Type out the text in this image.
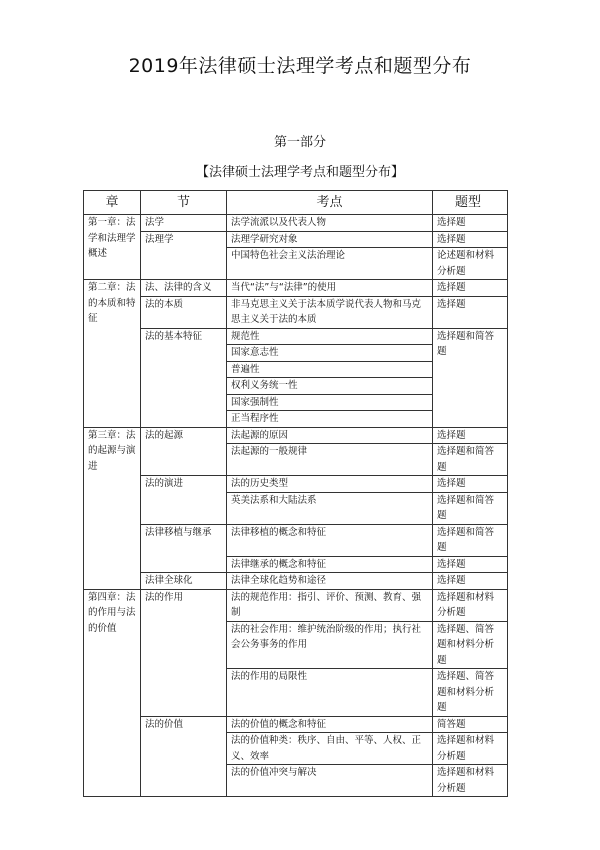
2019年法律硕士法理学考点和题型分布
第一部分
【法律硕士法理学考点和题型分布】
章	节	考点	题型
第一章：法学和法理学概述	法学	法学流派以及代表人物	选择题
	法理学	法理学研究对象	选择题
		中国特色社会主义法治理论	论述题和材料分析题
第二章：法的本质和特征	法、法律的含义	当代“法”与“法律”的使用	选择题
	法的本质	非马克思主义关于法本质学说代表人物和马克思主义关于法的本质	选择题
	法的基本特征	规范性	选择题和简答题
		国家意志性	
		普遍性	
		权利义务统一性	
		国家强制性	
		正当程序性	
第三章：法的起源与演进	法的起源	法起源的原因	选择题
		法起源的一般规律	选择题和简答题
	法的演进	法的历史类型	选择题
		英美法系和大陆法系	选择题和简答题
	法律移植与继承	法律移植的概念和特征	选择题和简答题
		法律继承的概念和特征	选择题
	法律全球化	法律全球化趋势和途径	选择题
第四章：法的作用与法的价值	法的作用	法的规范作用：指引、评价、预测、教育、强制	选择题和材料分析题
		法的社会作用：维护统治阶级的作用；执行社会公务事务的作用	选择题、简答题和材料分析题
		法的作用的局限性	选择题、简答题和材料分析题
	法的价值	法的价值的概念和特征	简答题
		法的价值种类：秩序、自由、平等、人权、正义、效率	选择题和材料分析题
		法的价值冲突与解决	选择题和材料分析题
